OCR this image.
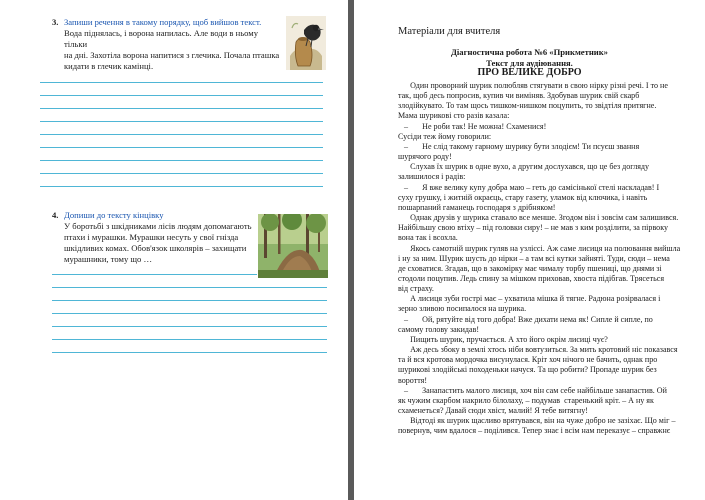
3. Запиши речення в такому порядку, щоб вийшов текст.

Вода піднялась, і ворона напилась. Але води в ньому тільки

на дні. Захотіла ворона напитися з глечика. Почала пташка

кидати в глечик камінці.

4. Допиши до тексту кінцівку

У боротьбі з шкідниками лісів людям допомагають

птахи і мурашки. Мурашки несуть у свої гнізда

шкідливих комах. Обов'язок школярів – захищати

мурашники, тому що …

Матеріали для вчителя
Діагностична робота №6 «Прикметник»
Текст для аудіювання.
ПРО ВЕЛИКЕ ДОБРО

Один проворний шурик полюбляв стягувати в свою нірку різні речі. І то не

так, щоб десь попросив, купив чи виміняв. Здобував шурик свій скарб

злодійкувато. То там щось тишком-нишком поцупить, то звідтіля притягне.

Мама шурикові сто разів казала:

–       Не роби так! Не можна! Схаменися!

Сусіди теж йому говорили:

–       Не слід такому гарному шурику бути злодієм! Ти псуєш звання

шурячого роду!

Слухав їх шурик в одне вухо, а другим дослухався, що це без догляду

залишилося і радів:

–       Я вже велику купу добра маю – геть до самісінької стелі наскладав! І

суху грушку, і житній окраєць, стару газету, уламок від ключика, і навіть

пошарпаний гаманець господаря з дрібняком!

Однак друзів у шурика ставало все менше. Згодом він і зовсім сам залишився.

Найбільшу свою втіху – під головки сиру! – не мав з ким розділити, за пірвоку

вона так і всохла.

Якось самотній шурик гуляв на узліссі. Аж саме лисиця на полювання вийшла

і ну за ним. Шурик шусть до нірки – а там всі кутки зайняті. Туди, сюди – нема

де сховатися. Згадав, що в закомірку має чималу торбу пшениці, що днями зі

стодоли поцупив. Ледь спину за мішком приховав, хвоста підібгав. Трясеться

від страху.

А лисиця зуби гострі має – ухватила мішка й тягне. Радюна розірвалася і

зерно зливою посипалося на шурика.

–       Ой, рятуйте від того добра! Вже дихати нема як! Сипле й сипле, по

самому голову закидав!

Пищить шурик, пручається. А хто його окрім лисиці чує?

Аж десь збоку в землі хтось ніби вовтузиться. За мить кротовий ніс показався

та й вся кротова мордочка висунулася. Кріт хоч нічого не бачить, однак про

шурикові злодійські походеньки начуся. Та що робити? Пропаде шурик без

вороття!

–       Занапастить малого лисиця, хоч він сам себе найбільше занапастив. Ой

як чужим скарбом накрило білолаху, – подумав  старенький кріт. – А ну як

схаменеться? Давай сюди хвіст, малий! Я тебе витягну!

Відтоді як шурик щасливо врятувався, він на чуже добро не зазіхає. Що міг –

повернув, чим вдалося – поділився. Тепер знає і всім нам переказує – справжнє
